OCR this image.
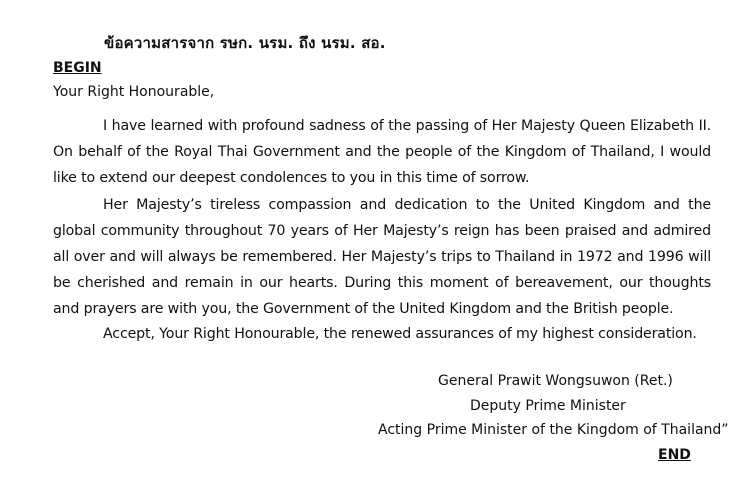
ข้อความสารจาก รษก. นรม. ถึง นรม. สอ.
BEGIN
Your Right Honourable,

I have learned with profound sadness of the passing of Her Majesty Queen Elizabeth II. On behalf of the Royal Thai Government and the people of the Kingdom of Thailand, I would like to extend our deepest condolences to you in this time of sorrow.

Her Majesty’s tireless compassion and dedication to the United Kingdom and the global community throughout 70 years of Her Majesty’s reign has been praised and admired all over and will always be remembered. Her Majesty’s trips to Thailand in 1972 and 1996 will be cherished and remain in our hearts. During this moment of bereavement, our thoughts and prayers are with you, the Government of the United Kingdom and the British people.

Accept, Your Right Honourable, the renewed assurances of my highest consideration.

General Prawit Wongsuwon (Ret.)
Deputy Prime Minister
Acting Prime Minister of the Kingdom of Thailand”
END
